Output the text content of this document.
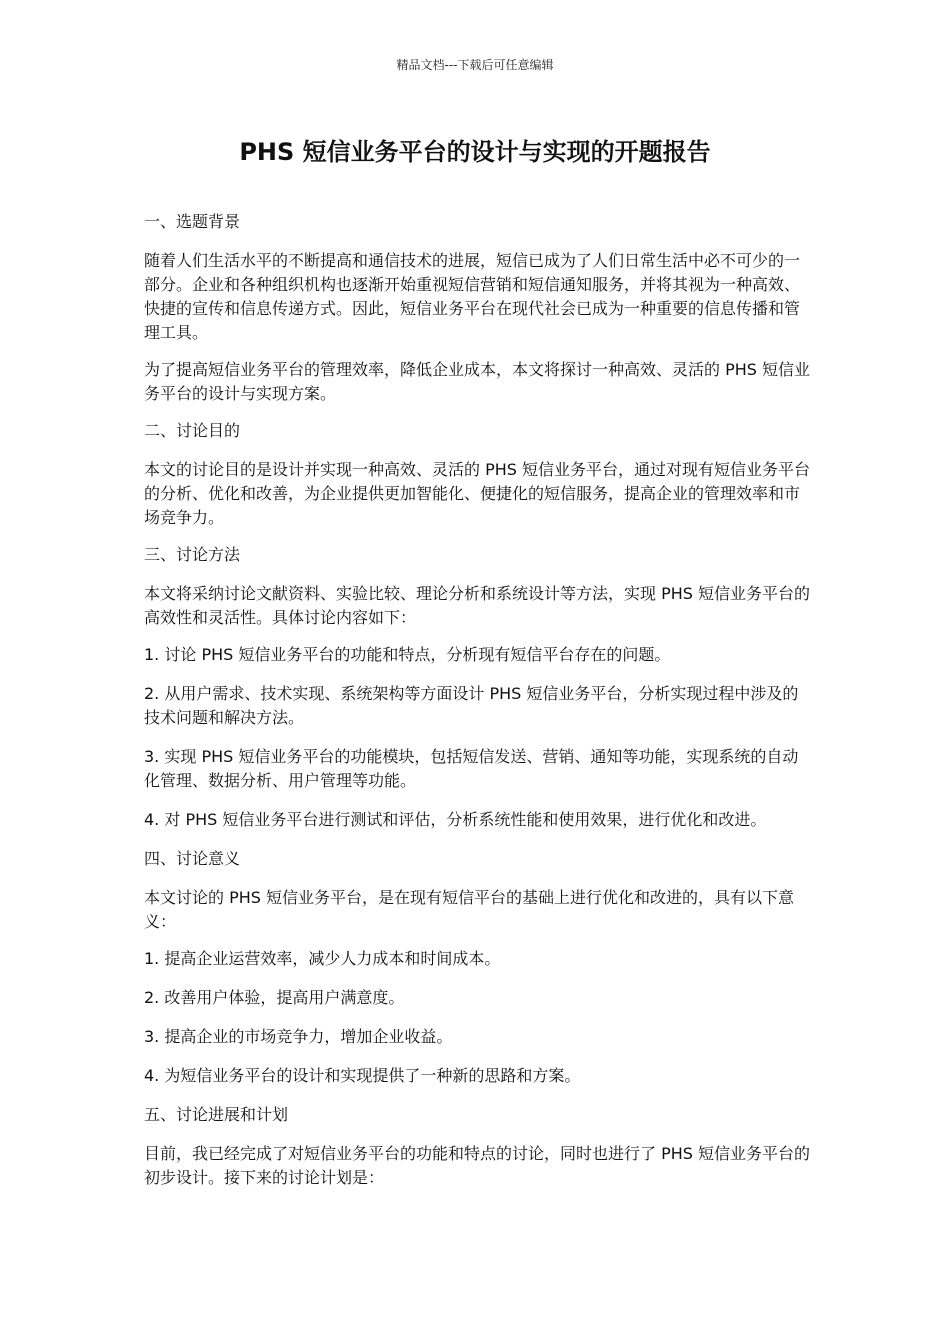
精品文档---下载后可任意编辑
PHS 短信业务平台的设计与实现的开题报告

一、选题背景

随着人们生活水平的不断提高和通信技术的进展，短信已成为了人们日常生活中必不可少的一部分。企业和各种组织机构也逐渐开始重视短信营销和短信通知服务，并将其视为一种高效、快捷的宣传和信息传递方式。因此，短信业务平台在现代社会已成为一种重要的信息传播和管理工具。

为了提高短信业务平台的管理效率，降低企业成本，本文将探讨一种高效、灵活的 PHS 短信业务平台的设计与实现方案。

二、讨论目的

本文的讨论目的是设计并实现一种高效、灵活的 PHS 短信业务平台，通过对现有短信业务平台的分析、优化和改善，为企业提供更加智能化、便捷化的短信服务，提高企业的管理效率和市场竞争力。

三、讨论方法

本文将采纳讨论文献资料、实验比较、理论分析和系统设计等方法，实现 PHS 短信业务平台的高效性和灵活性。具体讨论内容如下：

1. 讨论 PHS 短信业务平台的功能和特点，分析现有短信平台存在的问题。

2. 从用户需求、技术实现、系统架构等方面设计 PHS 短信业务平台，分析实现过程中涉及的技术问题和解决方法。

3. 实现 PHS 短信业务平台的功能模块，包括短信发送、营销、通知等功能，实现系统的自动化管理、数据分析、用户管理等功能。

4. 对 PHS 短信业务平台进行测试和评估，分析系统性能和使用效果，进行优化和改进。

四、讨论意义

本文讨论的 PHS 短信业务平台，是在现有短信平台的基础上进行优化和改进的，具有以下意义：

1. 提高企业运营效率，减少人力成本和时间成本。

2. 改善用户体验，提高用户满意度。

3. 提高企业的市场竞争力，增加企业收益。

4. 为短信业务平台的设计和实现提供了一种新的思路和方案。

五、讨论进展和计划

目前，我已经完成了对短信业务平台的功能和特点的讨论，同时也进行了 PHS 短信业务平台的初步设计。接下来的讨论计划是：
